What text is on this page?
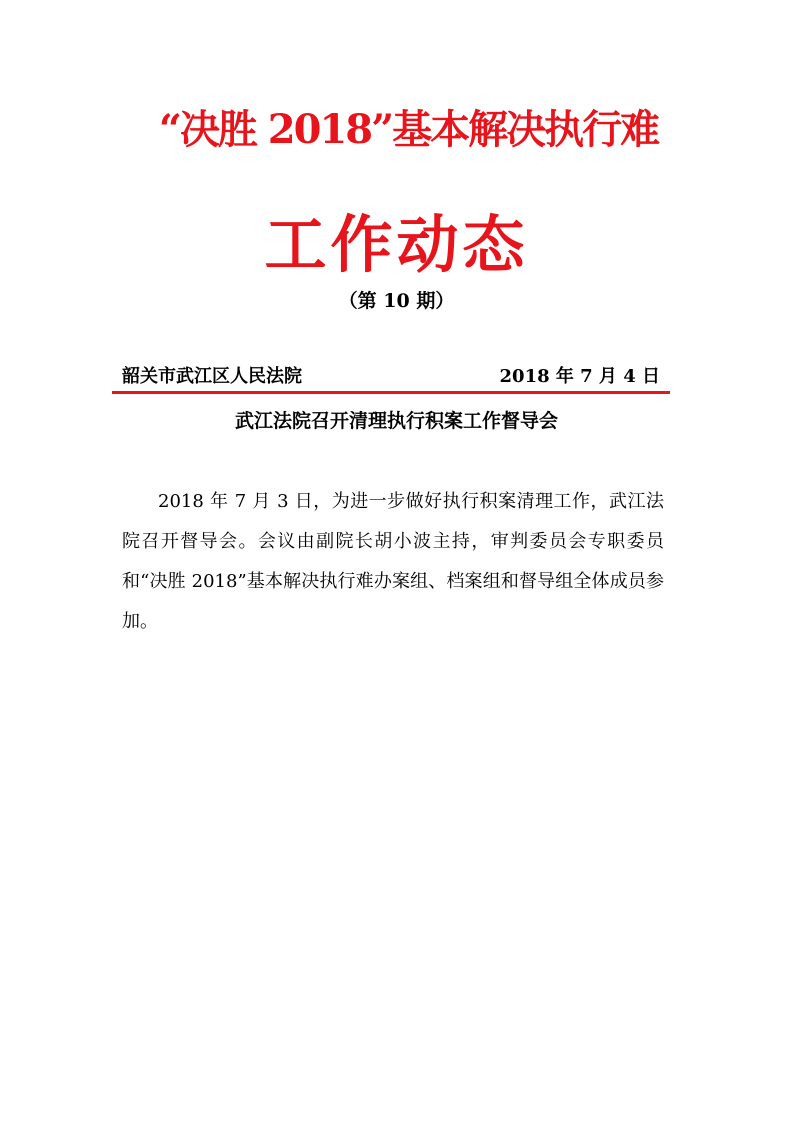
“决胜 2018”基本解决执行难
工作动态
（第 10 期）
韶关市武江区人民法院	2018 年 7 月 4 日
武江法院召开清理执行积案工作督导会

2018 年 7 月 3 日，为进一步做好执行积案清理工作，武江法院召开督导会。会议由副院长胡小波主持，审判委员会专职委员和“决胜 2018”基本解决执行难办案组、档案组和督导组全体成员参加。
